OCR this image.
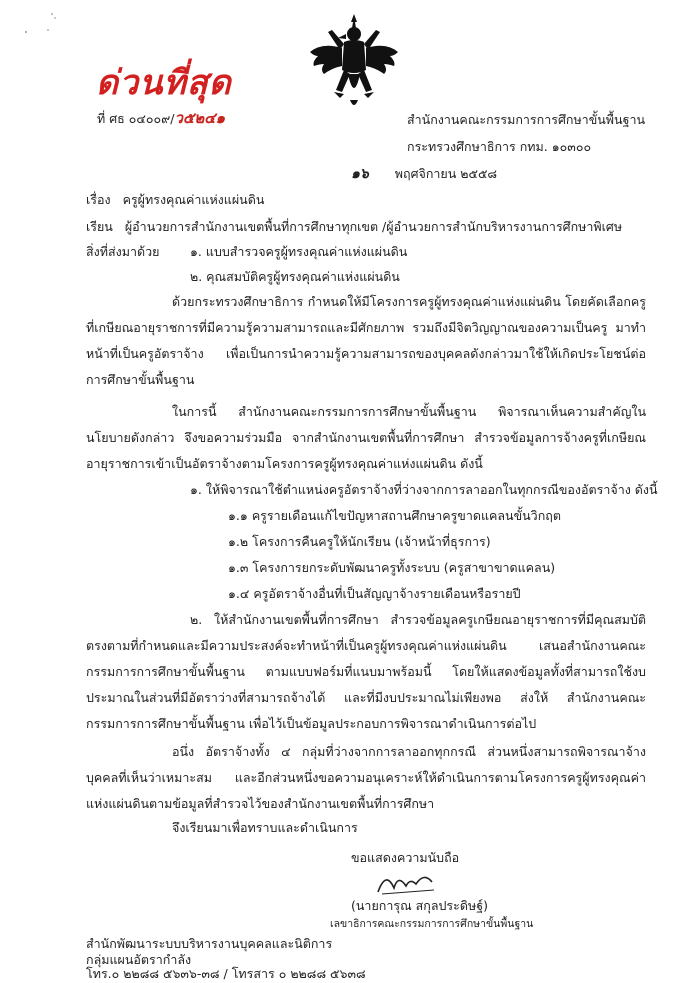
ด่วนที่สุด
ที่ ศธ ๐๔๐๐๙/ว๕๒๔๑	สำนักงานคณะกรรมการการศึกษาขั้นพื้นฐาน
กระทรวงศึกษาธิการ กทม. ๑๐๓๐๐
๑๖ พฤศจิกายน ๒๕๕๘
เรื่อง ครูผู้ทรงคุณค่าแห่งแผ่นดิน
เรียน ผู้อำนวยการสำนักงานเขตพื้นที่การศึกษาทุกเขต /ผู้อำนวยการสำนักบริหารงานการศึกษาพิเศษ
สิ่งที่ส่งมาด้วย ๑. แบบสำรวจครูผู้ทรงคุณค่าแห่งแผ่นดิน
๒. คุณสมบัติครูผู้ทรงคุณค่าแห่งแผ่นดิน
ด้วยกระทรวงศึกษาธิการ กำหนดให้มีโครงการครูผู้ทรงคุณค่าแห่งแผ่นดิน โดยคัดเลือกครูที่เกษียณอายุราชการที่มีความรู้ความสามารถและมีศักยภาพ รวมถึงมีจิตวิญญาณของความเป็นครู มาทำหน้าที่เป็นครูอัตราจ้าง เพื่อเป็นการนำความรู้ความสามารถของบุคคลดังกล่าวมาใช้ให้เกิดประโยชน์ต่อการศึกษาขั้นพื้นฐาน
ในการนี้ สำนักงานคณะกรรมการการศึกษาขั้นพื้นฐาน พิจารณาเห็นความสำคัญในนโยบายดังกล่าว จึงขอความร่วมมือ จากสำนักงานเขตพื้นที่การศึกษา สำรวจข้อมูลการจ้างครูที่เกษียณอายุราชการเข้าเป็นอัตราจ้างตามโครงการครูผู้ทรงคุณค่าแห่งแผ่นดิน ดังนี้
๑. ให้พิจารณาใช้ตำแหน่งครูอัตราจ้างที่ว่างจากการลาออกในทุกกรณีของอัตราจ้าง ดังนี้
๑.๑ ครูรายเดือนแก้ไขปัญหาสถานศึกษาครูขาดแคลนขั้นวิกฤต
๑.๒ โครงการคืนครูให้นักเรียน (เจ้าหน้าที่ธุรการ)
๑.๓ โครงการยกระดับพัฒนาครูทั้งระบบ (ครูสาขาขาดแคลน)
๑.๔ ครูอัตราจ้างอื่นที่เป็นสัญญาจ้างรายเดือนหรือรายปี
๒. ให้สำนักงานเขตพื้นที่การศึกษา สำรวจข้อมูลครูเกษียณอายุราชการที่มีคุณสมบัติตรงตามที่กำหนดและมีความประสงค์จะทำหน้าที่เป็นครูผู้ทรงคุณค่าแห่งแผ่นดิน เสนอสำนักงานคณะกรรมการการศึกษาขั้นพื้นฐาน ตามแบบฟอร์มที่แนบมาพร้อมนี้ โดยให้แสดงข้อมูลทั้งที่สามารถใช้งบประมาณในส่วนที่มีอัตราว่างที่สามารถจ้างได้ และที่มีงบประมาณไม่เพียงพอ ส่งให้ สำนักงานคณะกรรมการการศึกษาขั้นพื้นฐาน เพื่อไว้เป็นข้อมูลประกอบการพิจารณาดำเนินการต่อไป
อนึ่ง อัตราจ้างทั้ง ๔ กลุ่มที่ว่างจากการลาออกทุกกรณี ส่วนหนึ่งสามารถพิจารณาจ้างบุคคลที่เห็นว่าเหมาะสม และอีกส่วนหนึ่งขอความอนุเคราะห์ให้ดำเนินการตามโครงการครูผู้ทรงคุณค่าแห่งแผ่นดินตามข้อมูลที่สำรวจไว้ของสำนักงานเขตพื้นที่การศึกษา
จึงเรียนมาเพื่อทราบและดำเนินการ
ขอแสดงความนับถือ
(นายการุณ สกุลประดิษฐ์)
เลขาธิการคณะกรรมการการศึกษาขั้นพื้นฐาน
สำนักพัฒนาระบบบริหารงานบุคคลและนิติการ
กลุ่มแผนอัตรากำลัง
โทร.๐ ๒๒๘๘ ๕๖๓๖-๓๘ / โทรสาร ๐ ๒๒๘๘ ๕๖๓๘
